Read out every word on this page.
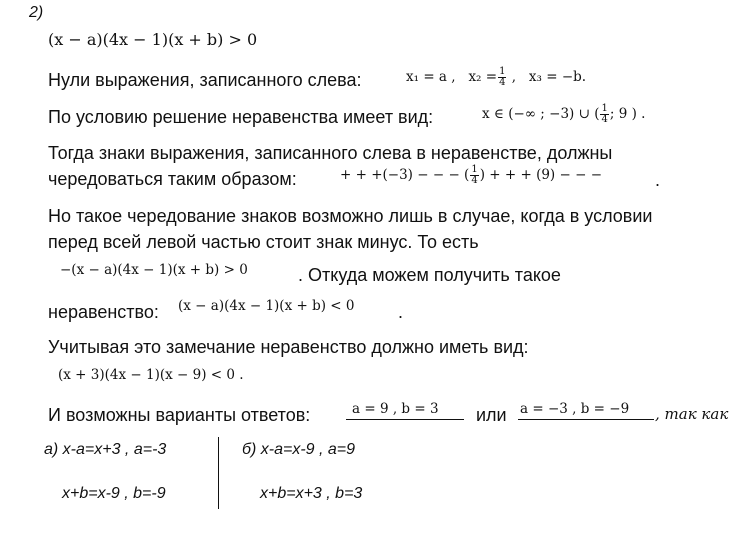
2)
(x − a)(4x − 1)(x + b) > 0
Нули выражения, записанного слева:	x₁ = a , $x_2 = \frac{1}{4}$ , x₃ = −b.
По условию решение неравенства имеет вид:	x ∈ (−∞ ; −3) ∪ ( $\frac{1}{4}$ ; 9 ) .
Тогда знаки выражения, записанного слева в неравенстве, должны
чередоваться таким образом:	+ + +(−3) − − − ( $\frac{1}{4}$ ) + + + (9) − − −	.
Но такое чередование знаков возможно лишь в случае, когда в условии
перед всей левой частью стоит знак минус. То есть
−(x − a)(4x − 1)(x + b) > 0	. Откуда можем получить такое
неравенство: (x − a)(4x − 1)(x + b) < 0 .
Учитывая это замечание неравенство должно иметь вид:
(x + 3)(4x − 1)(x − 9) < 0 .
И возможны варианты ответов:	a = 9 , b = 3 или a = −3 , b = −9 , так как
а) x-a=x+3 , a=-3
x+b=x-9 , b=-9
б) x-a=x-9 , a=9
x+b=x+3 , b=3
